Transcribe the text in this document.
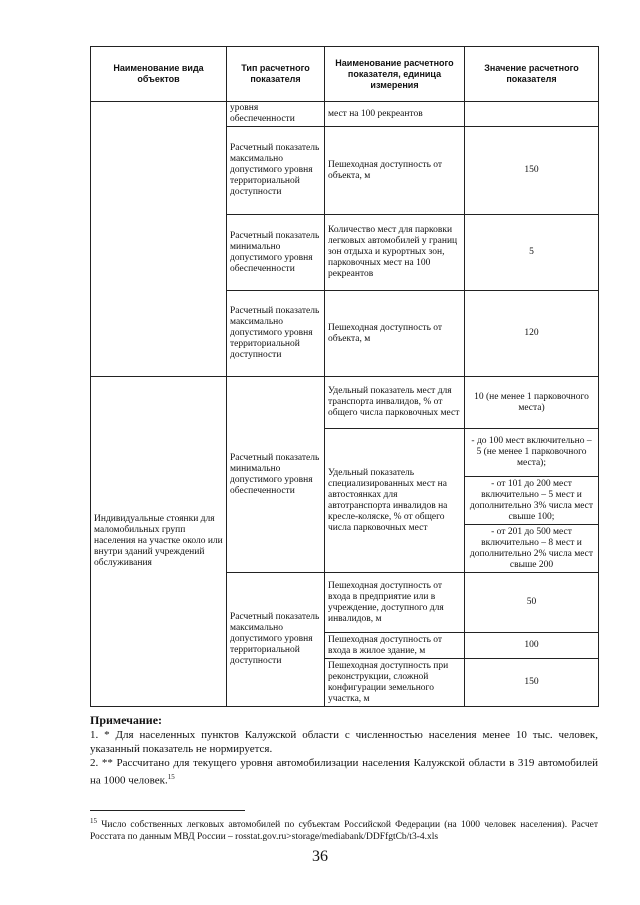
Наименование вида объектов	Тип расчетного показателя	Наименование расчетного показателя, единица измерения	Значение расчетного показателя
	уровня обеспеченности	мест на 100 рекреантов	
	Расчетный показатель максимально допустимого уровня территориальной доступности	Пешеходная доступность от объекта, м	150
	Расчетный показатель минимально допустимого уровня обеспеченности	Количество мест для парковки легковых автомобилей у границ зон отдыха и курортных зон, парковочных мест на 100 рекреантов	5
	Расчетный показатель максимально допустимого уровня территориальной доступности	Пешеходная доступность от объекта, м	120
Индивидуальные стоянки для маломобильных групп населения на участке около или внутри зданий учреждений обслуживания	Расчетный показатель минимально допустимого уровня обеспеченности	Удельный показатель мест для транспорта инвалидов, % от общего числа парковочных мест	10 (не менее 1 парковочного места)
		Удельный показатель специализированных мест на автостоянках для автотранспорта инвалидов на кресле-коляске, % от общего числа парковочных мест	- до 100 мест включительно – 5 (не менее 1 парковочного места);
			- от 101 до 200 мест включительно – 5 мест и дополнительно 3% числа мест свыше 100;
			- от 201 до 500 мест включительно – 8 мест и дополнительно 2% числа мест свыше 200
	Расчетный показатель максимально допустимого уровня территориальной доступности	Пешеходная доступность от входа в предприятие или в учреждение, доступного для инвалидов, м	50
		Пешеходная доступность от входа в жилое здание, м	100
		Пешеходная доступность при реконструкции, сложной конфигурации земельного участка, м	150
Примечание:
1. * Для населенных пунктов Калужской области с численностью населения менее 10 тыс. человек, указанный показатель не нормируется.
2. ** Рассчитано для текущего уровня автомобилизации населения Калужской области в 319 автомобилей на 1000 человек.$^{15}$
$^{15}$ Число собственных легковых автомобилей по субъектам Российской Федерации (на 1000 человек населения). Расчет Росстата по данным МВД России – rosstat.gov.ru>storage/mediabank/DDFfgtCb/t3-4.xls
36
